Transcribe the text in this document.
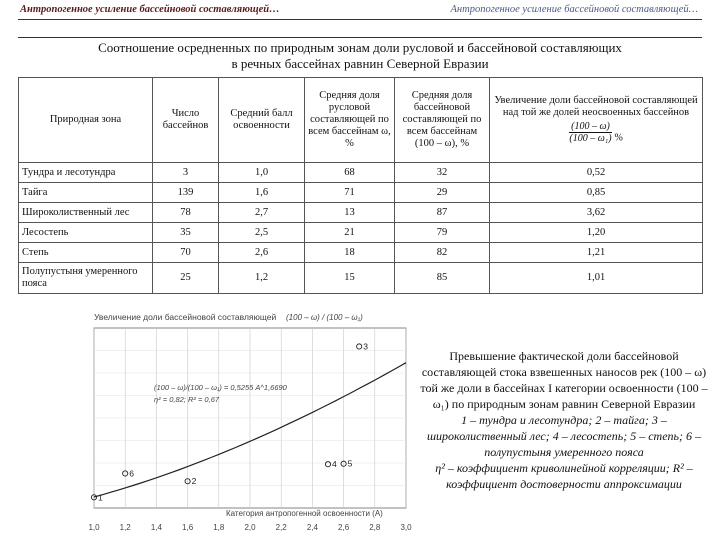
Антропогенное усиление бассейновой составляющей…	Антропогенное усиление бассейновой составляющей…
Соотношение осредненных по природным зонам доли русловой и бассейновой составляющих
в речных бассейнах равнин Северной Евразии
Природная зона	Число бассейнов	Средний балл освоенности	Средняя доля русловой составляющей по всем бассейнам ω, %	Средняя доля бассейновой составляющей по всем бассейнам (100 – ω), %	Увеличение доли бассейновой составляющей над той же долей неосвоенных бассейнов
$\frac{(100 - \omega)}{\text{(100 – ω₁)}}$ %
Тундра и лесотундра	3	1,0	68	32	0,52
Тайга	139	1,6	71	29	0,85
Широколиственный лес	78	2,7	13	87	3,62
Лесостепь	35	2,5	21	79	1,20
Степь	70	2,6	18	82	1,21
Полупустыня умеренного пояса	25	1,2	15	85	1,01
Увеличение доли бассейновой составляющей (100 – ω) / (100 – ω₁)
1
2
3
4 5
6
1,0	1,2	1,4	1,6	1,8	2,0	2,2	2,4	2,6	2,8	3,0
(100 – ω)/(100 – ω₁) = 0,5255 A^1,6690
η² = 0,82; R² = 0,67
Категория антропогенной освоенности (A)
Превышение фактической доли бассейновой составляющей стока взвешенных наносов рек (100 – ω) той же доли в бассейнах I категории освоенности (100 – ω₁) по природным зонам равнин Северной Евразии
1 – тундра и лесотундра; 2 – тайга; 3 – широколиственный лес; 4 – лесостепь; 5 – степь; 6 – полупустыня умеренного пояса
η² – коэффициент криволинейной корреляции; R² – коэффициент достоверности аппроксимации
